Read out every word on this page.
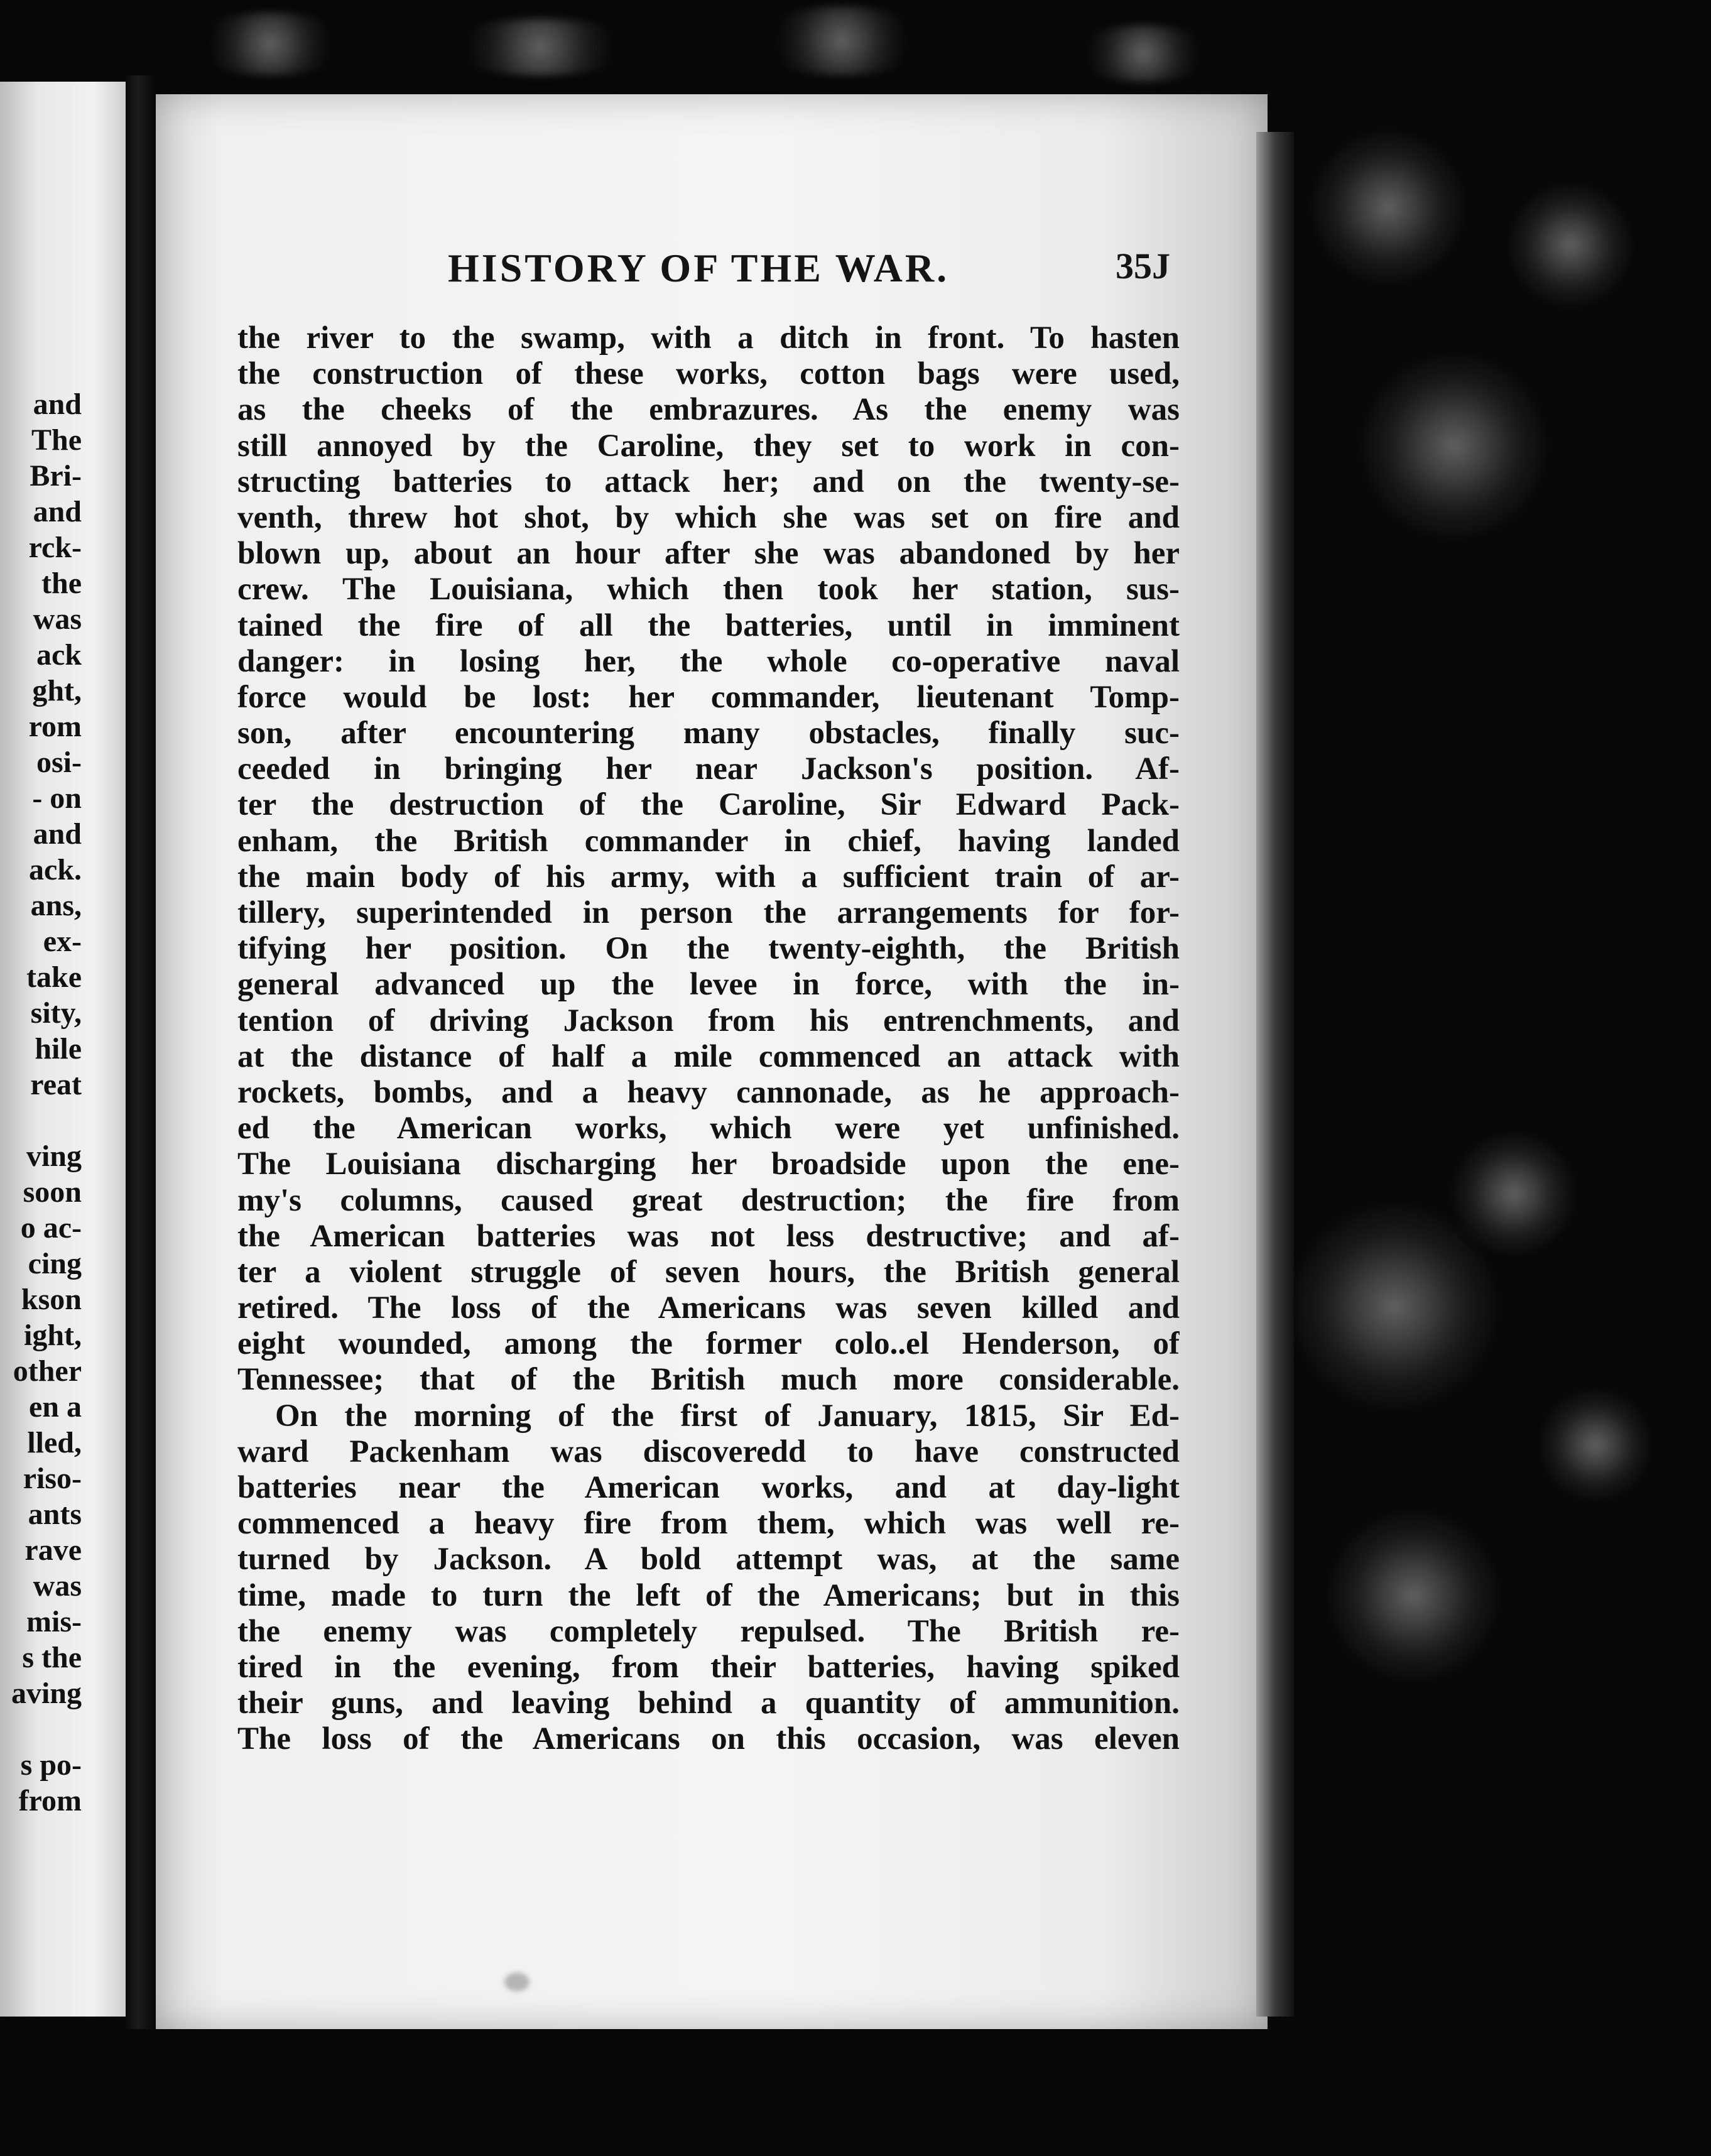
and
The
Bri-
and
rck-
the
was
ack
ght,
rom
osi-
- on
and
ack.
ans,
ex-
take
sity,
hile
reat
ving
soon
o ac-
cing
kson
ight,
other
en a
lled,
riso-
ants
rave
was
mis-
s the
aving
s po-
from
HISTORY OF THE WAR.	35J
the river to the swamp, with a ditch in front. To hasten
the construction of these works, cotton bags were used,
as the cheeks of the embrazures. As the enemy was
still annoyed by the Caroline, they set to work in con-
structing batteries to attack her; and on the twenty-se-
venth, threw hot shot, by which she was set on fire and
blown up, about an hour after she was abandoned by her
crew. The Louisiana, which then took her station, sus-
tained the fire of all the batteries, until in imminent
danger: in losing her, the whole co-operative naval
force would be lost: her commander, lieutenant Tomp-
son, after encountering many obstacles, finally suc-
ceeded in bringing her near Jackson's position. Af-
ter the destruction of the Caroline, Sir Edward Pack-
enham, the British commander in chief, having landed
the main body of his army, with a sufficient train of ar-
tillery, superintended in person the arrangements for for-
tifying her position. On the twenty-eighth, the British
general advanced up the levee in force, with the in-
tention of driving Jackson from his entrenchments, and
at the distance of half a mile commenced an attack with
rockets, bombs, and a heavy cannonade, as he approach-
ed the American works, which were yet unfinished.
The Louisiana discharging her broadside upon the ene-
my's columns, caused great destruction; the fire from
the American batteries was not less destructive; and af-
ter a violent struggle of seven hours, the British general
retired. The loss of the Americans was seven killed and
eight wounded, among the former colo..el Henderson, of
Tennessee; that of the British much more considerable.
On the morning of the first of January, 1815, Sir Ed-
ward Packenham was discoveredd to have constructed
batteries near the American works, and at day-light
commenced a heavy fire from them, which was well re-
turned by Jackson. A bold attempt was, at the same
time, made to turn the left of the Americans; but in this
the enemy was completely repulsed. The British re-
tired in the evening, from their batteries, having spiked
their guns, and leaving behind a quantity of ammunition.
The loss of the Americans on this occasion, was eleven
